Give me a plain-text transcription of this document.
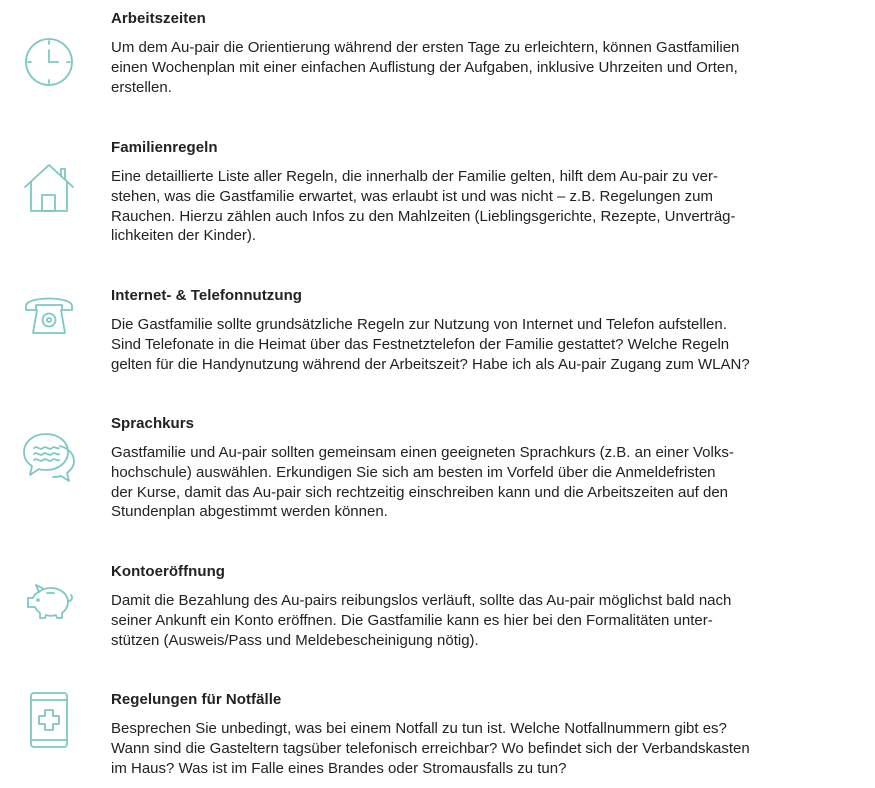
Arbeitszeiten

Um dem Au-pair die Orientierung während der ersten Tage zu erleichtern, können Gastfamilien
einen Wochenplan mit einer einfachen Auflistung der Aufgaben, inklusive Uhrzeiten und Orten,
erstellen.

Familienregeln

Eine detaillierte Liste aller Regeln, die innerhalb der Familie gelten, hilft dem Au-pair zu ver-
stehen, was die Gastfamilie erwartet, was erlaubt ist und was nicht – z.B. Regelungen zum
Rauchen. Hierzu zählen auch Infos zu den Mahlzeiten (Lieblingsgerichte, Rezepte, Unverträg-
lichkeiten der Kinder).

Internet- & Telefonnutzung

Die Gastfamilie sollte grundsätzliche Regeln zur Nutzung von Internet und Telefon aufstellen.
Sind Telefonate in die Heimat über das Festnetztelefon der Familie gestattet? Welche Regeln
gelten für die Handynutzung während der Arbeitszeit? Habe ich als Au-pair Zugang zum WLAN?

Sprachkurs

Gastfamilie und Au-pair sollten gemeinsam einen geeigneten Sprachkurs (z.B. an einer Volks-
hochschule) auswählen. Erkundigen Sie sich am besten im Vorfeld über die Anmeldefristen
der Kurse, damit das Au-pair sich rechtzeitig einschreiben kann und die Arbeitszeiten auf den
Stundenplan abgestimmt werden können.

Kontoeröffnung

Damit die Bezahlung des Au-pairs reibungslos verläuft, sollte das Au-pair möglichst bald nach
seiner Ankunft ein Konto eröffnen. Die Gastfamilie kann es hier bei den Formalitäten unter-
stützen (Ausweis/Pass und Meldebescheinigung nötig).

Regelungen für Notfälle

Besprechen Sie unbedingt, was bei einem Notfall zu tun ist. Welche Notfallnummern gibt es?
Wann sind die Gasteltern tagsüber telefonisch erreichbar? Wo befindet sich der Verbandskasten
im Haus? Was ist im Falle eines Brandes oder Stromausfalls zu tun?
